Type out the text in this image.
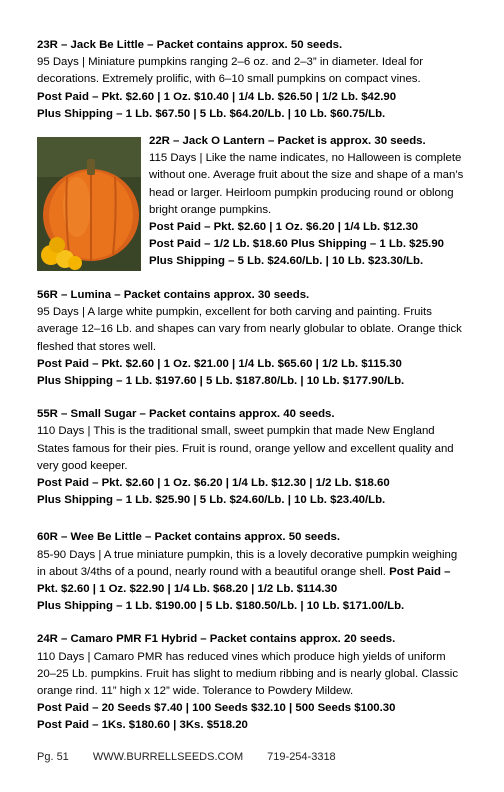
23R – Jack Be Little – Packet contains approx. 50 seeds.

95 Days | Miniature pumpkins ranging 2–6 oz. and 2–3” in diameter. Ideal for decorations. Extremely prolific, with 6–10 small pumpkins on compact vines.

Post Paid – Pkt. $2.60 | 1 Oz. $10.40 | 1/4 Lb. $26.50 | 1/2 Lb. $42.90

Plus Shipping – 1 Lb. $67.50 | 5 Lb. $64.20/Lb. | 10 Lb. $60.75/Lb.

22R – Jack O Lantern – Packet is approx. 30 seeds.

115 Days | Like the name indicates, no Halloween is complete without one. Average fruit about the size and shape of a man’s head or larger. Heirloom pumpkin producing round or oblong bright orange pumpkins.

Post Paid – Pkt. $2.60 | 1 Oz. $6.20 | 1/4 Lb. $12.30

Post Paid – 1/2 Lb. $18.60 Plus Shipping – 1 Lb. $25.90

Plus Shipping – 5 Lb. $24.60/Lb. | 10 Lb. $23.30/Lb.

56R – Lumina – Packet contains approx. 30 seeds.

95 Days | A large white pumpkin, excellent for both carving and painting. Fruits average 12–16 Lb. and shapes can vary from nearly globular to oblate. Orange thick fleshed that stores well.

Post Paid – Pkt. $2.60 | 1 Oz. $21.00 | 1/4 Lb. $65.60 | 1/2 Lb. $115.30

Plus Shipping – 1 Lb. $197.60 | 5 Lb. $187.80/Lb. | 10 Lb. $177.90/Lb.

55R – Small Sugar – Packet contains approx. 40 seeds.

110 Days | This is the traditional small, sweet pumpkin that made New England States famous for their pies. Fruit is round, orange yellow and excellent quality and very good keeper.

Post Paid – Pkt. $2.60 | 1 Oz. $6.20 | 1/4 Lb. $12.30 | 1/2 Lb. $18.60

Plus Shipping – 1 Lb. $25.90 | 5 Lb. $24.60/Lb. | 10 Lb. $23.40/Lb.

60R – Wee Be Little – Packet contains approx. 50 seeds.

85-90 Days | A true miniature pumpkin, this is a lovely decorative pumpkin weighing in about 3/4ths of a pound, nearly round with a beautiful orange shell. Post Paid – Pkt. $2.60 | 1 Oz. $22.90 | 1/4 Lb. $68.20 | 1/2 Lb. $114.30

Plus Shipping – 1 Lb. $190.00 | 5 Lb. $180.50/Lb. | 10 Lb. $171.00/Lb.

24R – Camaro PMR F1 Hybrid – Packet contains approx. 20 seeds.

110 Days | Camaro PMR has reduced vines which produce high yields of uniform 20–25 Lb. pumpkins. Fruit has slight to medium ribbing and is nearly global. Classic orange rind. 11” high x 12” wide. Tolerance to Powdery Mildew.

Post Paid – 20 Seeds $7.40 | 100 Seeds $32.10 | 500 Seeds $100.30

Post Paid – 1Ks. $180.60 | 3Ks. $518.20

Pg. 51 WWW.BURRELLSEEDS.COM 719-254-3318
